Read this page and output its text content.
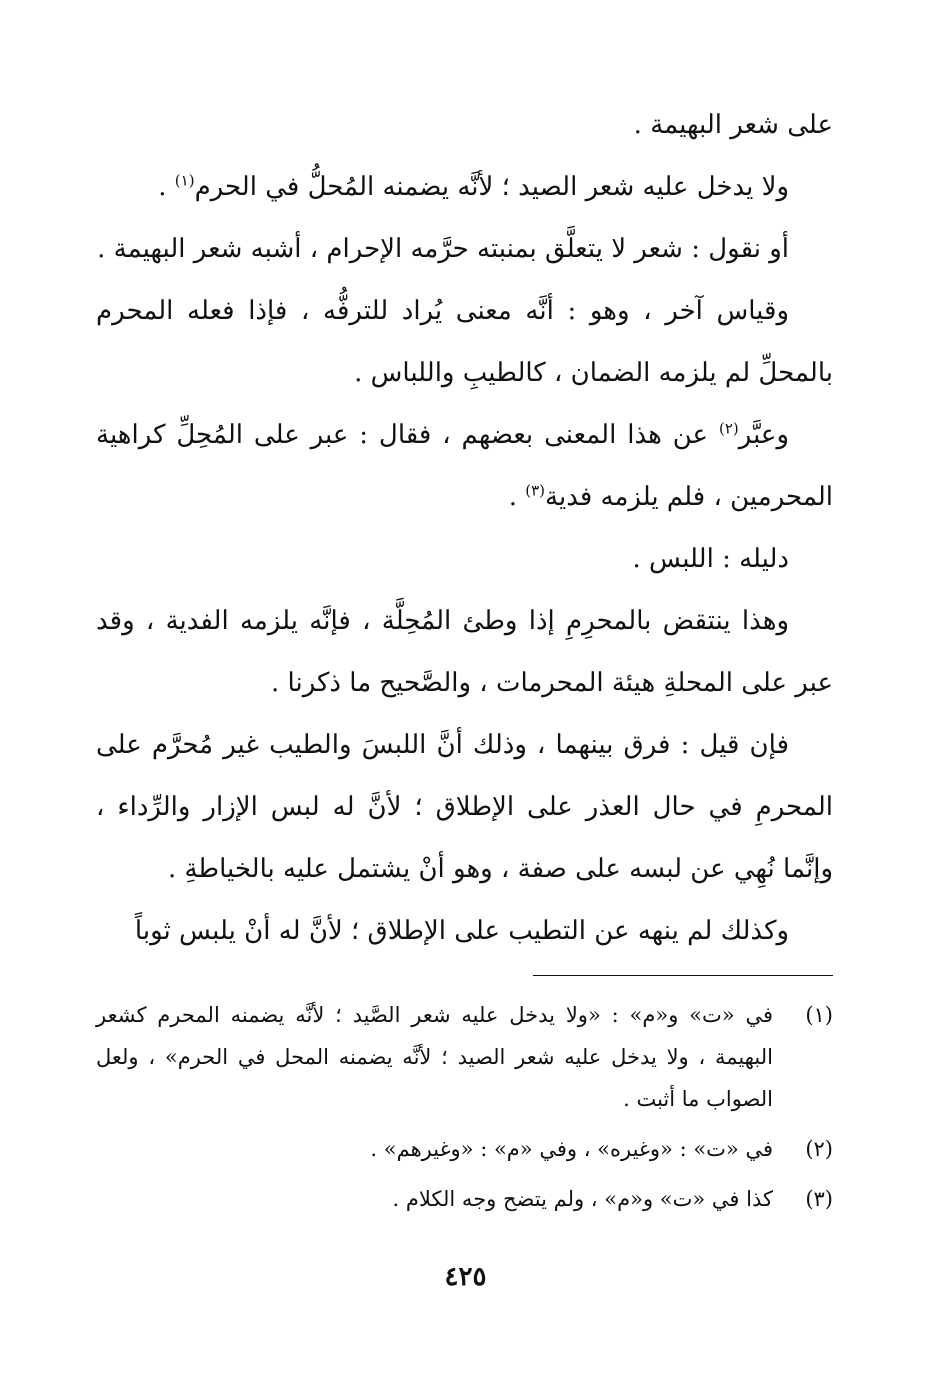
على شعر البهيمة .

ولا يدخل عليه شعر الصيد ؛ لأنَّه يضمنه المُحلُّ في الحرم$^{(١)}$ .

أو نقول : شعر لا يتعلَّق بمنبته حرَّمه الإحرام ، أشبه شعر البهيمة .

وقياس آخر ، وهو : أنَّه معنى يُراد للترفُّه ، فإذا فعله المحرم بالمحلِّ لم يلزمه الضمان ، كالطيبِ واللباس .

وعبَّر$^{(٢)}$ عن هذا المعنى بعضهم ، فقال : عبر على المُحِلِّ كراهية المحرمين ، فلم يلزمه فدية$^{(٣)}$ .

دليله : اللبس .

وهذا ينتقض بالمحرِمِ إذا وطئ المُحِلَّة ، فإنَّه يلزمه الفدية ، وقد عبر على المحلةِ هيئة المحرمات ، والصَّحيح ما ذكرنا .

فإن قيل : فرق بينهما ، وذلك أنَّ اللبسَ والطيب غير مُحرَّم على المحرمِ في حال العذر على الإطلاق ؛ لأنَّ له لبس الإزار والرِّداء ، وإنَّما نُهِي عن لبسه على صفة ، وهو أنْ يشتمل عليه بالخياطةِ .

وكذلك لم ينهه عن التطيب على الإطلاق ؛ لأنَّ له أنْ يلبس ثوباً

(١)
في «ت» و«م» : «ولا يدخل عليه شعر الصَّيد ؛ لأنَّه يضمنه المحرم كشعر البهيمة ، ولا يدخل عليه شعر الصيد ؛ لأنَّه يضمنه المحل في الحرم» ، ولعل الصواب ما أثبت .
(٢)
في «ت» : «وغيره» ، وفي «م» : «وغيرهم» .
(٣)
كذا في «ت» و«م» ، ولم يتضح وجه الكلام .
٤٢٥
